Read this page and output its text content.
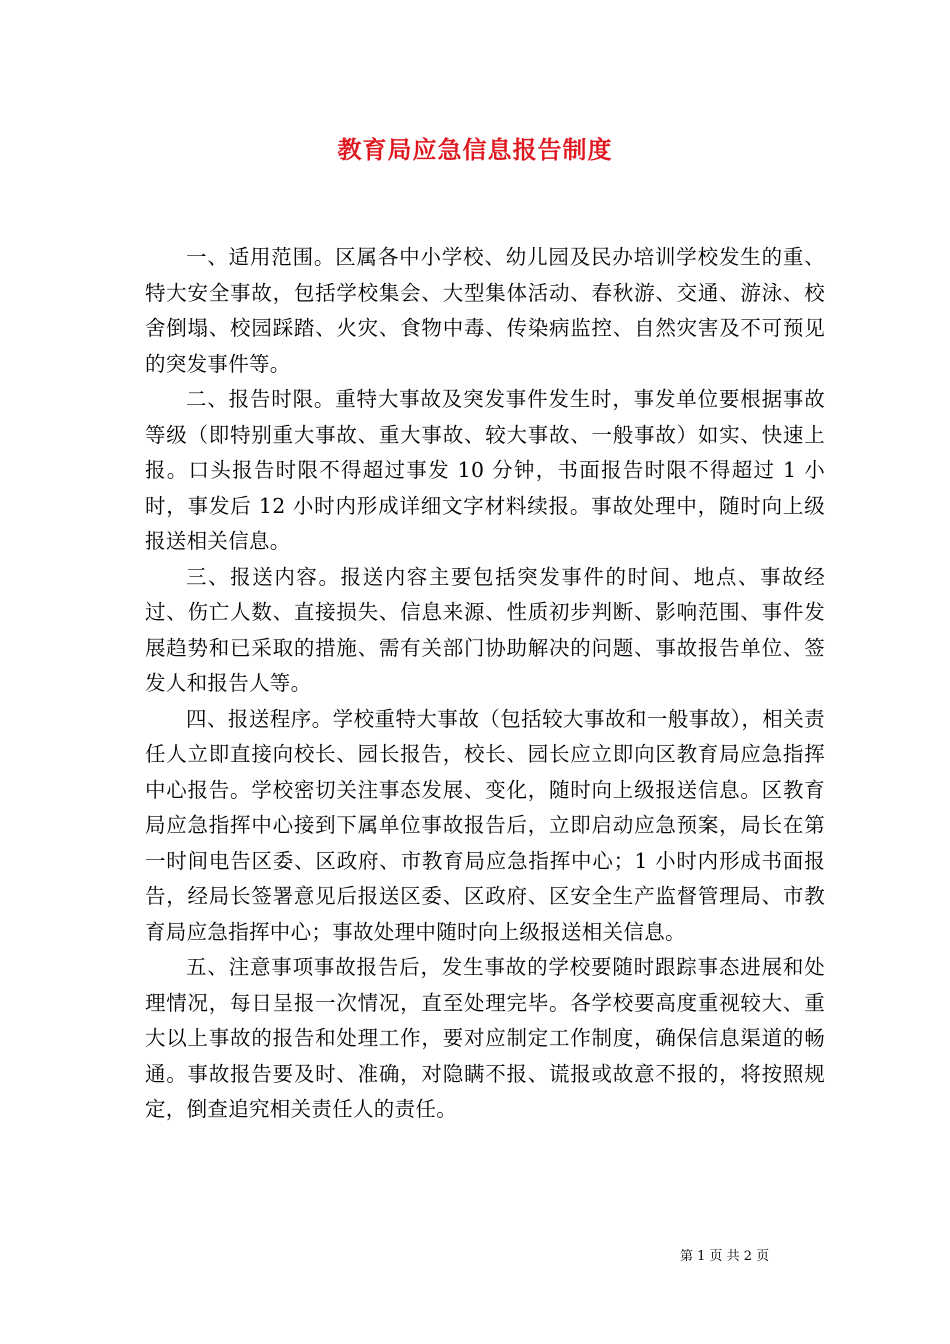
教育局应急信息报告制度

一、适用范围。区属各中小学校、幼儿园及民办培训学校发生的重、特大安全事故，包括学校集会、大型集体活动、春秋游、交通、游泳、校舍倒塌、校园踩踏、火灾、食物中毒、传染病监控、自然灾害及不可预见的突发事件等。

二、报告时限。重特大事故及突发事件发生时，事发单位要根据事故等级（即特别重大事故、重大事故、较大事故、一般事故）如实、快速上报。口头报告时限不得超过事发 10 分钟，书面报告时限不得超过 1 小时，事发后 12 小时内形成详细文字材料续报。事故处理中，随时向上级报送相关信息。

三、报送内容。报送内容主要包括突发事件的时间、地点、事故经过、伤亡人数、直接损失、信息来源、性质初步判断、影响范围、事件发展趋势和已采取的措施、需有关部门协助解决的问题、事故报告单位、签发人和报告人等。

四、报送程序。学校重特大事故（包括较大事故和一般事故），相关责任人立即直接向校长、园长报告，校长、园长应立即向区教育局应急指挥中心报告。学校密切关注事态发展、变化，随时向上级报送信息。区教育局应急指挥中心接到下属单位事故报告后，立即启动应急预案，局长在第一时间电告区委、区政府、市教育局应急指挥中心；1 小时内形成书面报告，经局长签署意见后报送区委、区政府、区安全生产监督管理局、市教育局应急指挥中心；事故处理中随时向上级报送相关信息。

五、注意事项事故报告后，发生事故的学校要随时跟踪事态进展和处理情况，每日呈报一次情况，直至处理完毕。各学校要高度重视较大、重大以上事故的报告和处理工作，要对应制定工作制度，确保信息渠道的畅通。事故报告要及时、准确，对隐瞒不报、谎报或故意不报的，将按照规定，倒查追究相关责任人的责任。

第 1 页 共 2 页
